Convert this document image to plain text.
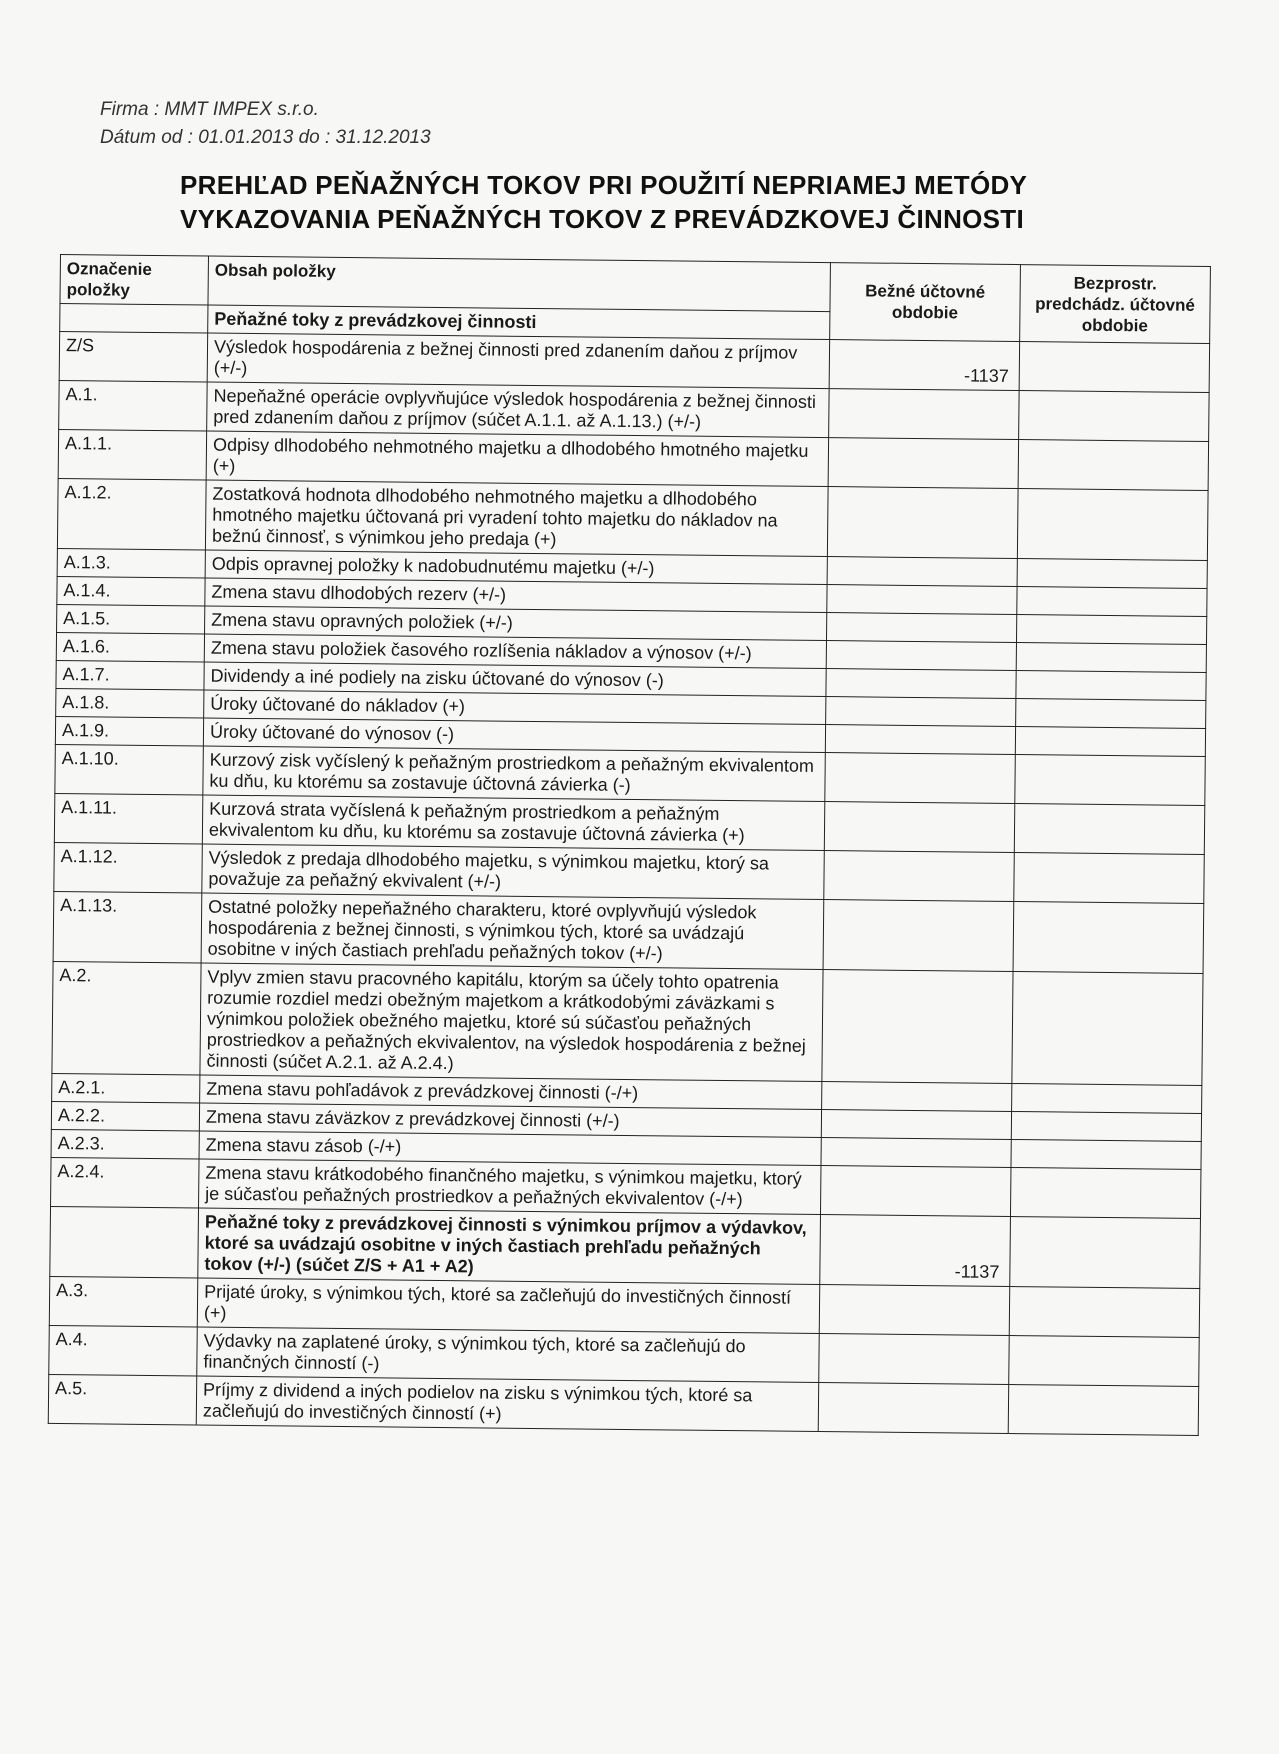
Firma : MMT IMPEX s.r.o.
Dátum od : 01.01.2013 do : 31.12.2013
PREHĽAD PEŇAŽNÝCH TOKOV PRI POUŽITÍ NEPRIAMEJ METÓDY
VYKAZOVANIA PEŇAŽNÝCH TOKOV Z PREVÁDZKOVEJ ČINNOSTI
Označenie položky	Obsah položky	Bežné účtovné obdobie	Bezprostr. predchádz. účtovné obdobie
	Peňažné toky z prevádzkovej činnosti		
Z/S	Výsledok hospodárenia z bežnej činnosti pred zdanením daňou z príjmov (+/-)	-1137	
A.1.	Nepeňažné operácie ovplyvňujúce výsledok hospodárenia z bežnej činnosti pred zdanením daňou z príjmov (súčet A.1.1. až A.1.13.) (+/-)		
A.1.1.	Odpisy dlhodobého nehmotného majetku a dlhodobého hmotného majetku (+)		
A.1.2.	Zostatková hodnota dlhodobého nehmotného majetku a dlhodobého hmotného majetku účtovaná pri vyradení tohto majetku do nákladov na bežnú činnosť, s výnimkou jeho predaja (+)		
A.1.3.	Odpis opravnej položky k nadobudnutému majetku (+/-)		
A.1.4.	Zmena stavu dlhodobých rezerv (+/-)		
A.1.5.	Zmena stavu opravných položiek (+/-)		
A.1.6.	Zmena stavu položiek časového rozlíšenia nákladov a výnosov (+/-)		
A.1.7.	Dividendy a iné podiely na zisku účtované do výnosov (-)		
A.1.8.	Úroky účtované do nákladov (+)		
A.1.9.	Úroky účtované do výnosov (-)		
A.1.10.	Kurzový zisk vyčíslený k peňažným prostriedkom a peňažným ekvivalentom ku dňu, ku ktorému sa zostavuje účtovná závierka (-)		
A.1.11.	Kurzová strata vyčíslená k peňažným prostriedkom a peňažným ekvivalentom ku dňu, ku ktorému sa zostavuje účtovná závierka (+)		
A.1.12.	Výsledok z predaja dlhodobého majetku, s výnimkou majetku, ktorý sa považuje za peňažný ekvivalent (+/-)		
A.1.13.	Ostatné položky nepeňažného charakteru, ktoré ovplyvňujú výsledok hospodárenia z bežnej činnosti, s výnimkou tých, ktoré sa uvádzajú osobitne v iných častiach prehľadu peňažných tokov (+/-)		
A.2.	Vplyv zmien stavu pracovného kapitálu, ktorým sa účely tohto opatrenia rozumie rozdiel medzi obežným majetkom a krátkodobými záväzkami s výnimkou položiek obežného majetku, ktoré sú súčasťou peňažných prostriedkov a peňažných ekvivalentov, na výsledok hospodárenia z bežnej činnosti (súčet A.2.1. až A.2.4.)		
A.2.1.	Zmena stavu pohľadávok z prevádzkovej činnosti (-/+)		
A.2.2.	Zmena stavu záväzkov z prevádzkovej činnosti (+/-)		
A.2.3.	Zmena stavu zásob (-/+)		
A.2.4.	Zmena stavu krátkodobého finančného majetku, s výnimkou majetku, ktorý je súčasťou peňažných prostriedkov a peňažných ekvivalentov (-/+)		
	Peňažné toky z prevádzkovej činnosti s výnimkou príjmov a výdavkov, ktoré sa uvádzajú osobitne v iných častiach prehľadu peňažných tokov (+/-) (súčet Z/S + A1 + A2)	-1137	
A.3.	Prijaté úroky, s výnimkou tých, ktoré sa začleňujú do investičných činností (+)		
A.4.	Výdavky na zaplatené úroky, s výnimkou tých, ktoré sa začleňujú do finančných činností (-)		
A.5.	Príjmy z dividend a iných podielov na zisku s výnimkou tých, ktoré sa začleňujú do investičných činností (+)		
